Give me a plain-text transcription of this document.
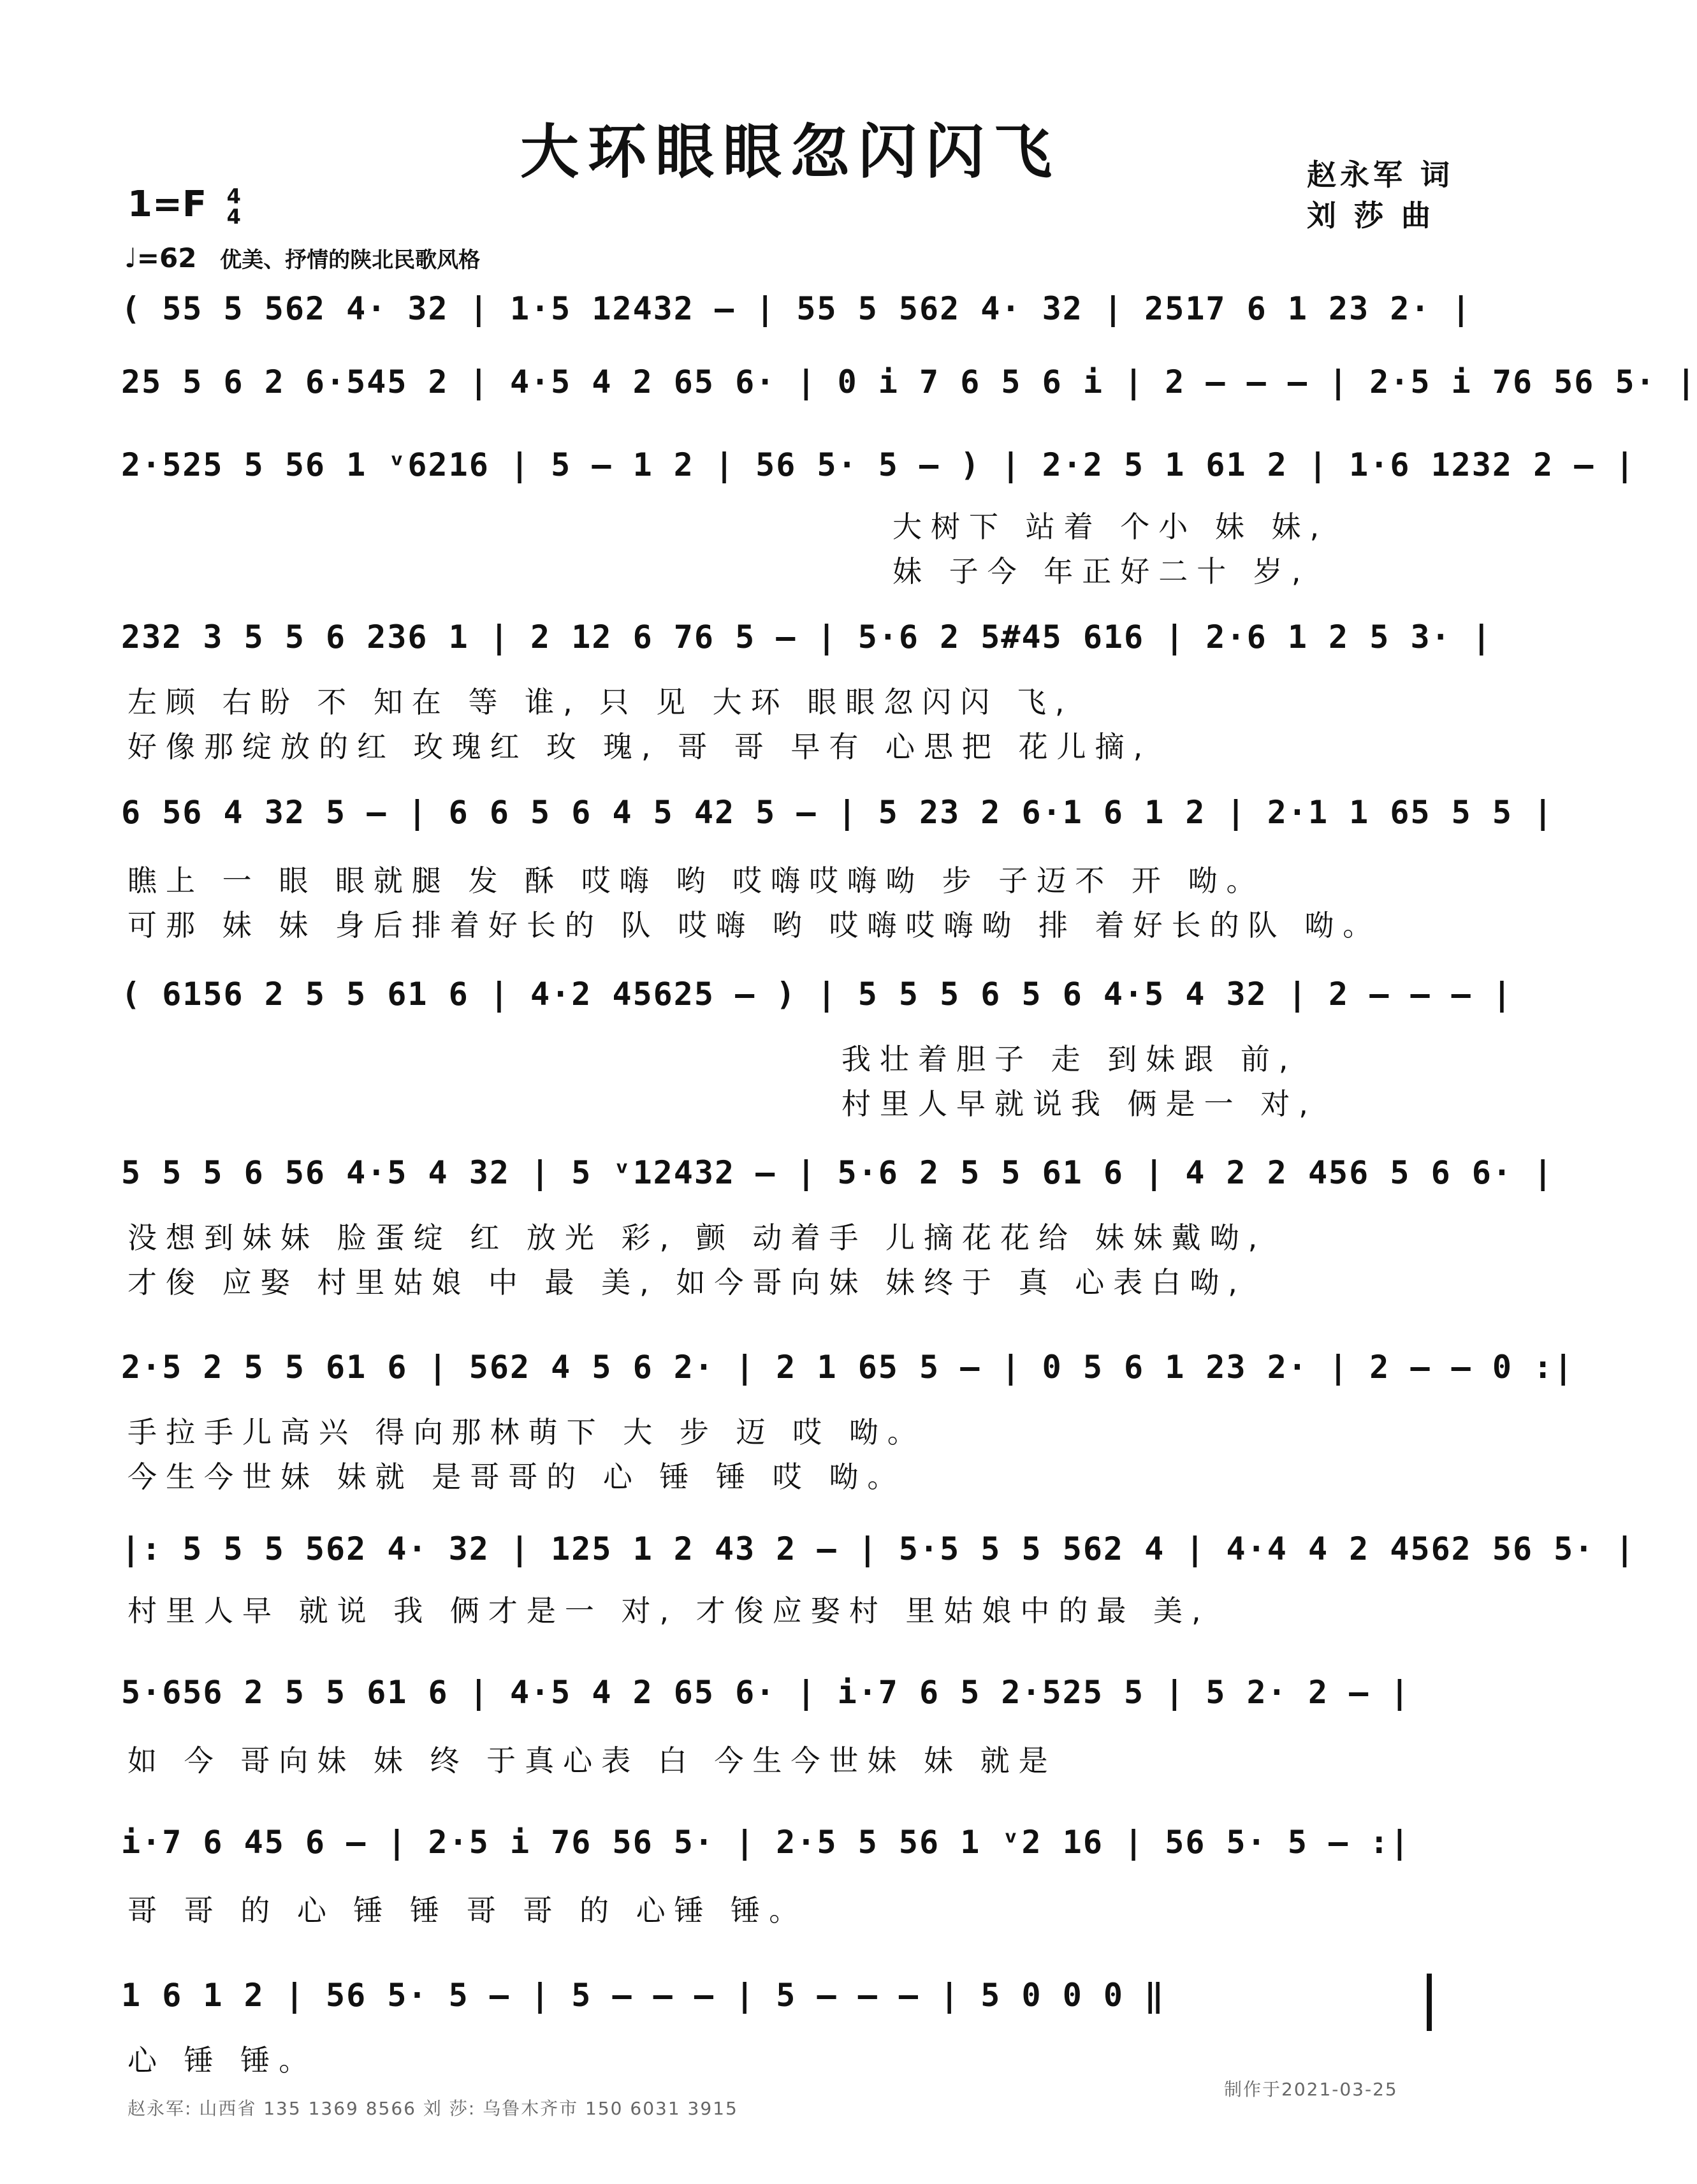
大环眼眼忽闪闪飞	赵永军 词
刘 莎 曲
1=F 4
4
♩=62 优美、抒情的陕北民歌风格
( 55 5 562 4· 32 | 1·5 12432 – | 55 5 562 4· 32 | 2517 6 1 23 2· |
25 5 6 2 6·545 2 | 4·5 4 2 65 6· | 0 i 7 6 5 6 i | 2 – – – | 2·5 i 76 56 5· |
2·525 5 56 1 ᵛ6216 | 5 – 1 2 | 56 5· 5 – ) | 2·2 5 1 61 2 | 1·6 1232 2 – |
大树下 站着 个小 妹 妹,
妹 子今 年正好二十 岁,
232 3 5 5 6 236 1 | 2 12 6 76 5 – | 5·6 2 5#45 616 | 2·6 1 2 5 3· |
左顾 右盼 不 知在 等 谁, 只 见 大环 眼眼忽闪闪 飞,
好像那绽放的红 玫瑰红 玫 瑰, 哥 哥 早有 心思把 花儿摘,
6 56 4 32 5 – | 6 6 5 6 4 5 42 5 – | 5 23 2 6·1 6 1 2 | 2·1 1 65 5 5 |
瞧上 一 眼 眼就腿 发 酥 哎嗨 哟 哎嗨哎嗨呦 步 子迈不 开 呦。
可那 妹 妹 身后排着好长的 队 哎嗨 哟 哎嗨哎嗨呦 排 着好长的队 呦。
( 6156 2 5 5 61 6 | 4·2 45625 – ) | 5 5 5 6 5 6 4·5 4 32 | 2 – – – |
我壮着胆子 走 到妹跟 前,
村里人早就说我 俩是一 对,
5 5 5 6 56 4·5 4 32 | 5 ᵛ12432 – | 5·6 2 5 5 61 6 | 4 2 2 456 5 6 6· |
没想到妹妹 脸蛋绽 红 放光 彩, 颤 动着手 儿摘花花给 妹妹戴呦,
才俊 应娶 村里姑娘 中 最 美, 如今哥向妹 妹终于 真 心表白呦,
2·5 2 5 5 61 6 | 562 4 5 6 2· | 2 1 65 5 – | 0 5 6 1 23 2· | 2 – – 0 :|
手拉手儿高兴 得向那林萌下 大 步 迈 哎 呦。
今生今世妹 妹就 是哥哥的 心 锤 锤 哎 呦。
|: 5 5 5 562 4· 32 | 125 1 2 43 2 – | 5·5 5 5 562 4 | 4·4 4 2 4562 56 5· |
村里人早 就说 我 俩才是一 对, 才俊应娶村 里姑娘中的最 美,
5·656 2 5 5 61 6 | 4·5 4 2 65 6· | i·7 6 5 2·525 5 | 5 2· 2 – |
如 今 哥向妹 妹 终 于真心表 白 今生今世妹 妹 就是
i·7 6 45 6 – | 2·5 i 76 56 5· | 2·5 5 56 1 ᵛ2 16 | 56 5· 5 – :|
哥 哥 的 心 锤 锤 哥 哥 的 心锤 锤。
1 6 1 2 | 56 5· 5 – | 5 – – – | 5 – – – | 5 0 0 0 ‖
心 锤 锤。
赵永军: 山西省 135 1369 8566 刘 莎: 乌鲁木齐市 150 6031 3915
制作于2021-03-25
